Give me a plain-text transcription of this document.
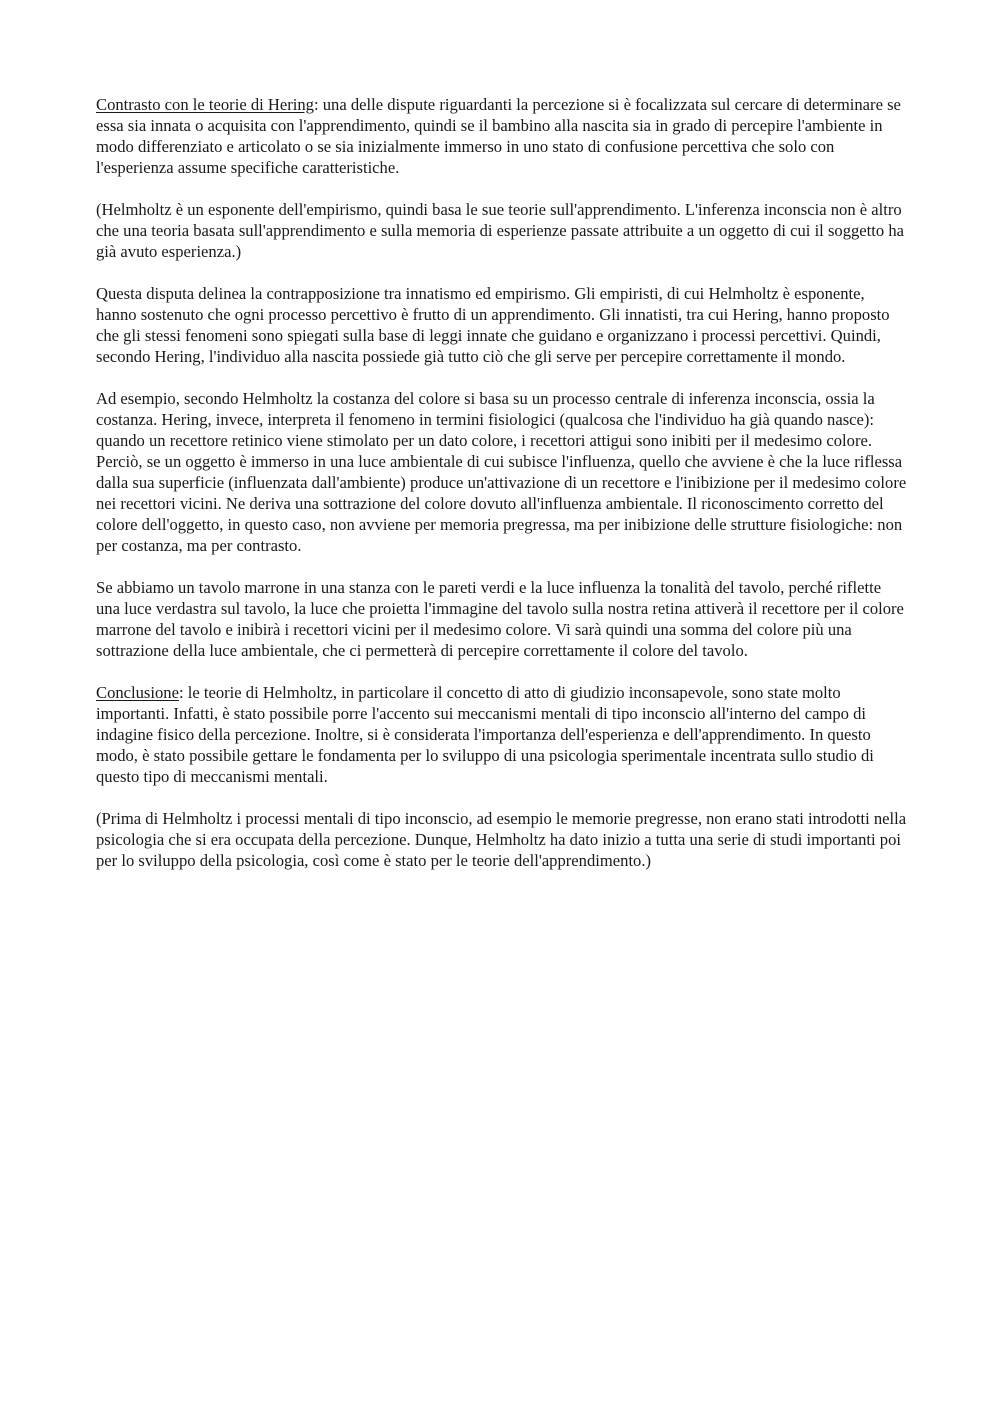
Contrasto con le teorie di Hering: una delle dispute riguardanti la percezione si è focalizzata sul cercare di determinare se essa sia innata o acquisita con l'apprendimento, quindi se il bambino alla nascita sia in grado di percepire l'ambiente in modo differenziato e articolato o se sia inizialmente immerso in uno stato di confusione percettiva che solo con l'esperienza assume specifiche caratteristiche.

(Helmholtz è un esponente dell'empirismo, quindi basa le sue teorie sull'apprendimento. L'inferenza inconscia non è altro che una teoria basata sull'apprendimento e sulla memoria di esperienze passate attribuite a un oggetto di cui il soggetto ha già avuto esperienza.)

Questa disputa delinea la contrapposizione tra innatismo ed empirismo. Gli empiristi, di cui Helmholtz è esponente, hanno sostenuto che ogni processo percettivo è frutto di un apprendimento. Gli innatisti, tra cui Hering, hanno proposto che gli stessi fenomeni sono spiegati sulla base di leggi innate che guidano e organizzano i processi percettivi. Quindi, secondo Hering, l'individuo alla nascita possiede già tutto ciò che gli serve per percepire correttamente il mondo.

Ad esempio, secondo Helmholtz la costanza del colore si basa su un processo centrale di inferenza inconscia, ossia la costanza. Hering, invece, interpreta il fenomeno in termini fisiologici (qualcosa che l'individuo ha già quando nasce): quando un recettore retinico viene stimolato per un dato colore, i recettori attigui sono inibiti per il medesimo colore. Perciò, se un oggetto è immerso in una luce ambientale di cui subisce l'influenza, quello che avviene è che la luce riflessa dalla sua superficie (influenzata dall'ambiente) produce un'attivazione di un recettore e l'inibizione per il medesimo colore nei recettori vicini. Ne deriva una sottrazione del colore dovuto all'influenza ambientale. Il riconoscimento corretto del colore dell'oggetto, in questo caso, non avviene per memoria pregressa, ma per inibizione delle strutture fisiologiche: non per costanza, ma per contrasto.

Se abbiamo un tavolo marrone in una stanza con le pareti verdi e la luce influenza la tonalità del tavolo, perché riflette una luce verdastra sul tavolo, la luce che proietta l'immagine del tavolo sulla nostra retina attiverà il recettore per il colore marrone del tavolo e inibirà i recettori vicini per il medesimo colore. Vi sarà quindi una somma del colore più una sottrazione della luce ambientale, che ci permetterà di percepire correttamente il colore del tavolo.

Conclusione: le teorie di Helmholtz, in particolare il concetto di atto di giudizio inconsapevole, sono state molto importanti. Infatti, è stato possibile porre l'accento sui meccanismi mentali di tipo inconscio all'interno del campo di indagine fisico della percezione. Inoltre, si è considerata l'importanza dell'esperienza e dell'apprendimento. In questo modo, è stato possibile gettare le fondamenta per lo sviluppo di una psicologia sperimentale incentrata sullo studio di questo tipo di meccanismi mentali.

(Prima di Helmholtz i processi mentali di tipo inconscio, ad esempio le memorie pregresse, non erano stati introdotti nella psicologia che si era occupata della percezione. Dunque, Helmholtz ha dato inizio a tutta una serie di studi importanti poi per lo sviluppo della psicologia, così come è stato per le teorie dell'apprendimento.)
